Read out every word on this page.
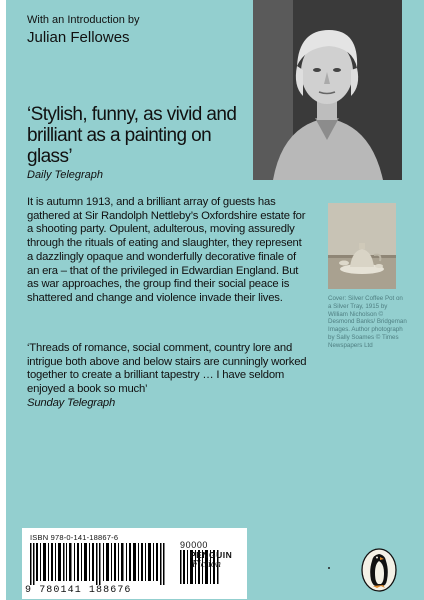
With an Introduction by
Julian Fellowes
‘Stylish, funny, as vivid and brilliant as a painting on glass’
Daily Telegraph
It is autumn 1913, and a brilliant array of guests has gathered at Sir Randolph Nettleby’s Oxfordshire estate for a shooting party. Opulent, adulterous, moving assuredly through the rituals of eating and slaughter, they represent a dazzlingly opaque and wonderfully decorative finale of an era – that of the privileged in Edwardian England. But as war approaches, the group find their social peace is shattered and change and violence invade their lives.	Cover: Silver Coffee Pot on a Silver Tray, 1915 by William Nicholson © Desmond Banks/ Bridgeman Images. Author photograph by Sally Soames © Times Newspapers Ltd
‘Threads of romance, social comment, country lore and intrigue both above and below stairs are cunningly worked together to create a brilliant tapestry … I have seldom enjoyed a book so much’
Sunday Telegraph
ISBN 978-0-141-18867-6
90000
9 780141 188676
PENGUIN
Fiction
